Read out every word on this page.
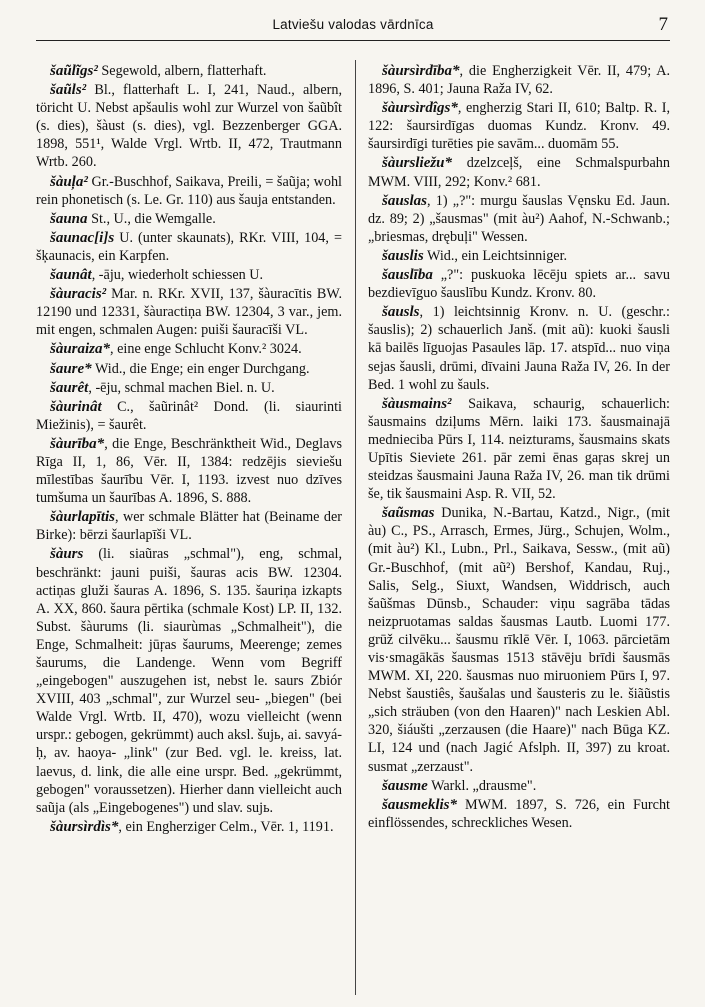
Latviešu valodas vārdnīca	7

šaũlĩgs² Segewold, albern, flatterhaft.

šaũls² Bl., flatterhaft L. I, 241, Naud., albern, töricht U. Nebst apšaulis wohl zur Wurzel von šaũbît (s. dies), šàust (s. dies), vgl. Bezzenberger GGA. 1898, 551¹, Walde Vrgl. Wrtb. II, 472, Trautmann Wrtb. 260.

šàuļa² Gr.-Buschhof, Saikava, Preili, = šaũja; wohl rein phonetisch (s. Le. Gr. 110) aus šauja entstanden.

šauna St., U., die Wemgalle.

šaunac[i]s U. (unter skaunats), RKr. VIII, 104, = šķaunacis, ein Karpfen.

šaunât, -āju, wiederholt schiessen U.

šàuracis² Mar. n. RKr. XVII, 137, šàuracītis BW. 12190 und 12331, šàuractiņa BW. 12304, 3 var., jem. mit engen, schmalen Augen: puiši šauracīši VL.

šàuraiza*, eine enge Schlucht Konv.² 3024.

šaure* Wid., die Enge; ein enger Durchgang.

šaurêt, -ēju, schmal machen Biel. n. U.

šàurinât C., šaũrinât² Dond. (li. siaurinti Miežinis), = šaurêt.

šàurība*, die Enge, Beschränktheit Wid., Deglavs Rīga II, 1, 86, Vēr. II, 1384: redzējis sieviešu mīlestības šaurību Vēr. I, 1193. izvest nuo dzīves tumšuma un šaurības A. 1896, S. 888.

šàurlapītis, wer schmale Blätter hat (Beiname der Birke): bērzi šaurlapīši VL.

šàurs (li. siaũras „schmal"), eng, schmal, beschränkt: jauni puiši, šauras acis BW. 12304. actiņas gluži šauras A. 1896, S. 135. šauriņa izkapts A. XX, 860. šaura pērtika (schmale Kost) LP. II, 132. Subst. šàurums (li. siaurùmas „Schmalheit"), die Enge, Schmalheit: jūŗas šaurums, Meerenge; zemes šaurums, die Landenge. Wenn vom Begriff „eingebogen" auszugehen ist, nebst le. saurs Zbiór XVIII, 403 „schmal", zur Wurzel seu- „biegen" (bei Walde Vrgl. Wrtb. II, 470), wozu vielleicht (wenn urspr.: gebogen, gekrümmt) auch aksl. šujь, ai. savyá-ḥ, av. haoya- „link" (zur Bed. vgl. le. kreiss, lat. laevus, d. link, die alle eine urspr. Bed. „gekrümmt, gebogen" voraussetzen). Hierher dann vielleicht auch saũja (als „Eingebogenes") und slav. sujь.

šàursìrdìs*, ein Engherziger Celm., Vēr. 1, 1191.

šàursìrdība*, die Engherzigkeit Vēr. II, 479; A. 1896, S. 401; Jauna Raža IV, 62.

šàursìrdîgs*, engherzig Stari II, 610; Baltp. R. I, 122: šaursirdīgas duomas Kundz. Kronv. 49. šaursirdīgi turēties pie savām... duomām 55.

šàursliežu* dzelzceļš, eine Schmalspurbahn MWM. VIII, 292; Konv.² 681.

šauslas, 1) „?": murgu šauslas Vęnsku Ed. Jaun. dz. 89; 2) „šausmas" (mit àu²) Aahof, N.-Schwanb.; „briesmas, drębuļi" Wessen.

šauslis Wid., ein Leichtsinniger.

šauslība „?": puskuoka lēcēju spiets ar... savu bezdievīguo šauslību Kundz. Kronv. 80.

šausls, 1) leichtsinnig Kronv. n. U. (geschr.: šauslis); 2) schauerlich Janš. (mit aũ): kuoki šausli kā bailēs līguojas Pasaules lāp. 17. atspīd... nuo viņa sejas šausli, drūmi, dīvaini Jauna Raža IV, 26. In der Bed. 1 wohl zu šauls.

šàusmains² Saikava, schaurig, schauerlich: šausmains dziļums Mērn. laiki 173. šausmainajā mednieciba Pūrs I, 114. neizturams, šausmains skats Upītis Sieviete 261. pār zemi ēnas gaŗas skrej un steidzas šausmaini Jauna Raža IV, 26. man tik drūmi še, tik šausmaini Asp. R. VII, 52.

šaũsmas Dunika, N.-Bartau, Katzd., Nigr., (mit àu) C., PS., Arrasch, Ermes, Jürg., Schujen, Wolm., (mit àu²) Kl., Lubn., Prl., Saikava, Sessw., (mit aũ) Gr.-Buschhof, (mit aũ²) Bershof, Kandau, Ruj., Salis, Selg., Siuxt, Wandsen, Widdrisch, auch šaũšmas Dūnsb., Schauder: viņu sagrāba tādas neizpruotamas saldas šausmas Lautb. Luomi 177. grūž cilvēku... šausmu rīklē Vēr. I, 1063. pārcietām vis·smagākās šausmas 1513 stāvēju brīdi šausmās MWM. XI, 220. šausmas nuo miruoniem Pūrs I, 97. Nebst šaustiês, šaušalas und šausteris zu le. šiãũstis „sich sträuben (von den Haaren)" nach Leskien Abl. 320, šiáušti „zerzausen (die Haare)" nach Būga KZ. LI, 124 und (nach Jagić Afslph. II, 397) zu kroat. susmat „zerzaust".

šausme Warkl. „drausme".

šausmeklis* MWM. 1897, S. 726, ein Furcht einflössendes, schreckliches Wesen.
